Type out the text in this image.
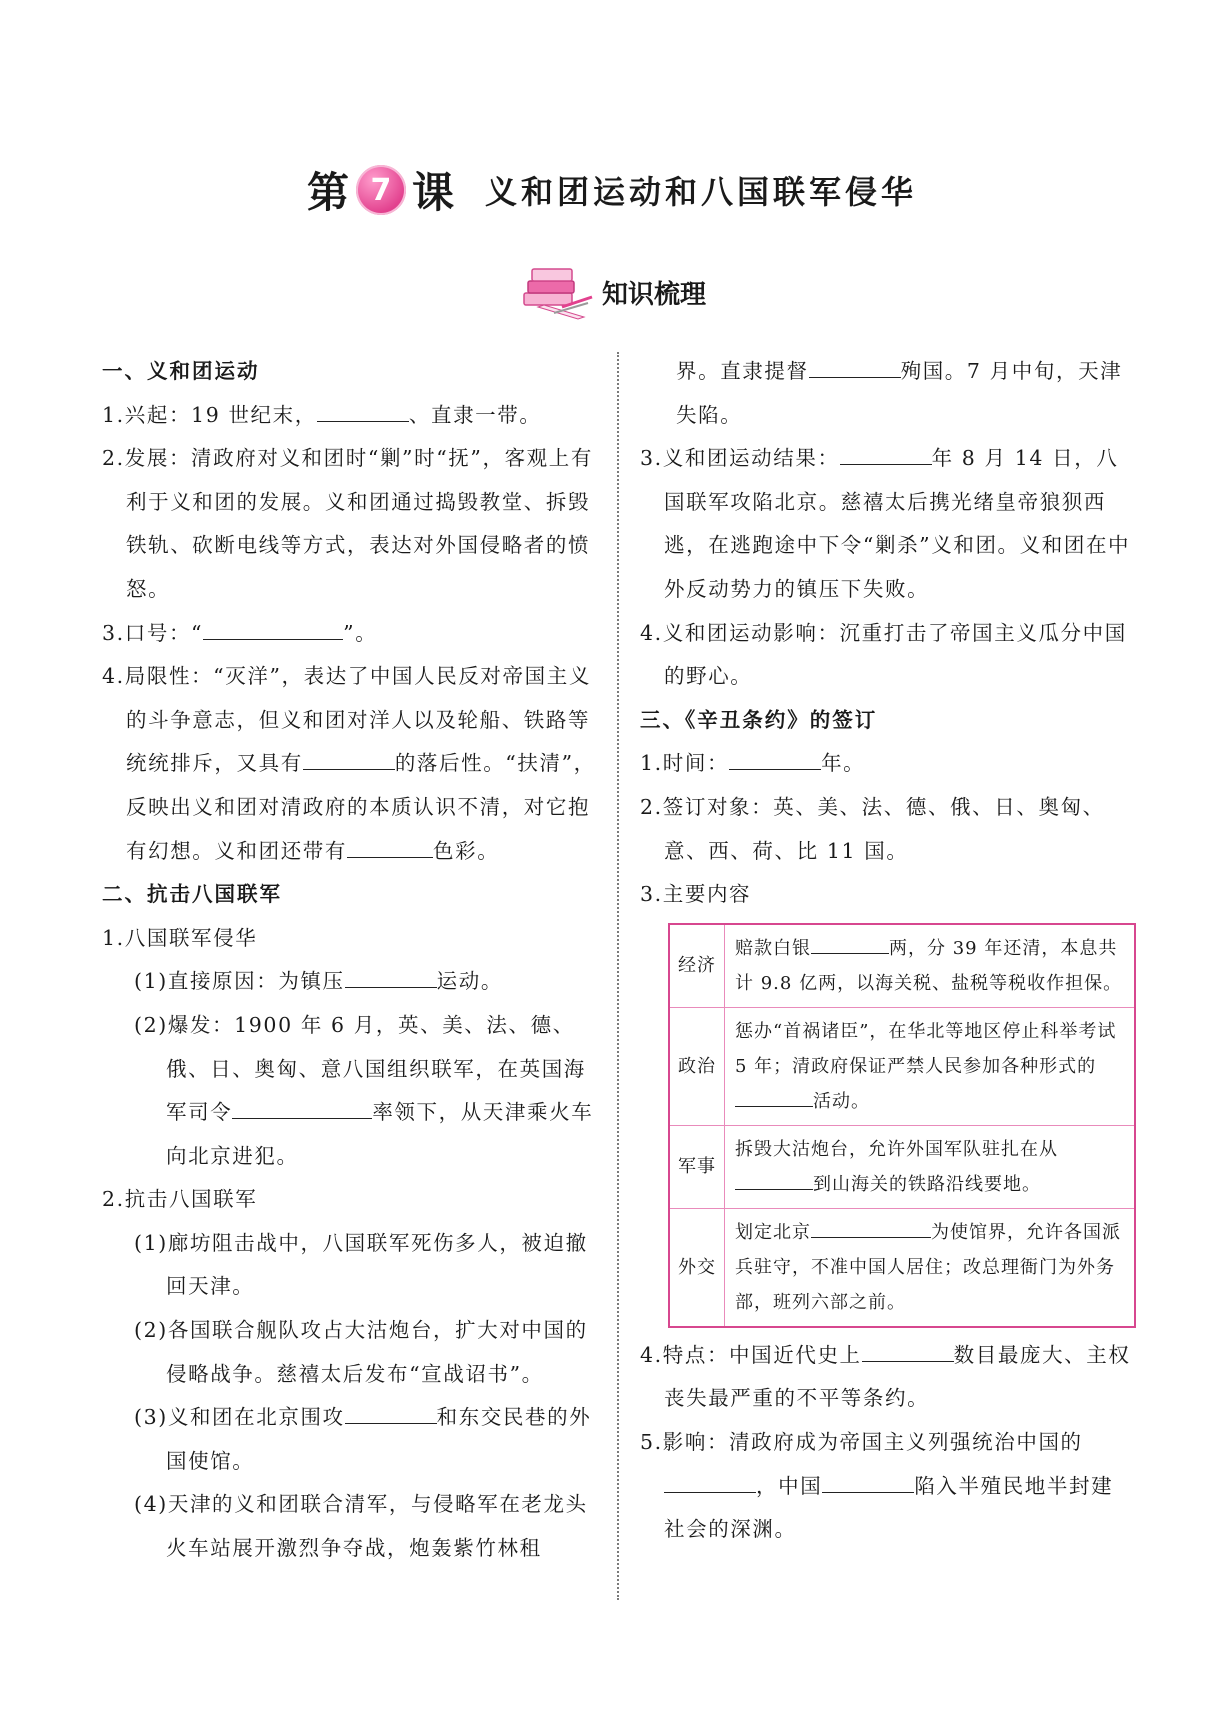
第 7 课 义和团运动和八国联军侵华
知识梳理

一、义和团运动

1.兴起：19 世纪末，	、直隶一带。

2.发展：清政府对义和团时“剿”时“抚”，客观上有利于义和团的发展。义和团通过捣毁教堂、拆毁铁轨、砍断电线等方式，表达对外国侵略者的愤怒。

3.口号：“	”。

4.局限性：“灭洋”，表达了中国人民反对帝国主义的斗争意志，但义和团对洋人以及轮船、铁路等统统排斥，又具有	的落后性。“扶清”，反映出义和团对清政府的本质认识不清，对它抱有幻想。义和团还带有	色彩。

二、抗击八国联军

1.八国联军侵华

(1)直接原因：为镇压	运动。

(2)爆发：1900 年 6 月，英、美、法、德、俄、日、奥匈、意八国组织联军，在英国海军司令	率领下，从天津乘火车向北京进犯。

2.抗击八国联军

(1)廊坊阻击战中，八国联军死伤多人，被迫撤回天津。

(2)各国联合舰队攻占大沽炮台，扩大对中国的侵略战争。慈禧太后发布“宣战诏书”。

(3)义和团在北京围攻	和东交民巷的外国使馆。

(4)天津的义和团联合清军，与侵略军在老龙头火车站展开激烈争夺战，炮轰紫竹林租

界。直隶提督	殉国。7 月中旬，天津失陷。

3.义和团运动结果：	年 8 月 14 日，八国联军攻陷北京。慈禧太后携光绪皇帝狼狈西逃，在逃跑途中下令“剿杀”义和团。义和团在中外反动势力的镇压下失败。

4.义和团运动影响：沉重打击了帝国主义瓜分中国的野心。

三、《辛丑条约》的签订

1.时间：	年。

2.签订对象：英、美、法、德、俄、日、奥匈、意、西、荷、比 11 国。

3.主要内容

经济	赔款白银 两，分 39 年还清，本息共计 9.8 亿两，以海关税、盐税等税收作担保。
政治	惩办“首祸诸臣”，在华北等地区停止科举考试 5 年；清政府保证严禁人民参加各种形式的活动。
军事	拆毁大沽炮台，允许外国军队驻扎在从到山海关的铁路沿线要地。
外交	划定北京 为使馆界，允许各国派兵驻守，不准中国人居住；改总理衙门为外务部，班列六部之前。

4.特点：中国近代史上	数目最庞大、主权丧失最严重的不平等条约。

5.影响：清政府成为帝国主义列强统治中国的，中国	陷入半殖民地半封建社会的深渊。
